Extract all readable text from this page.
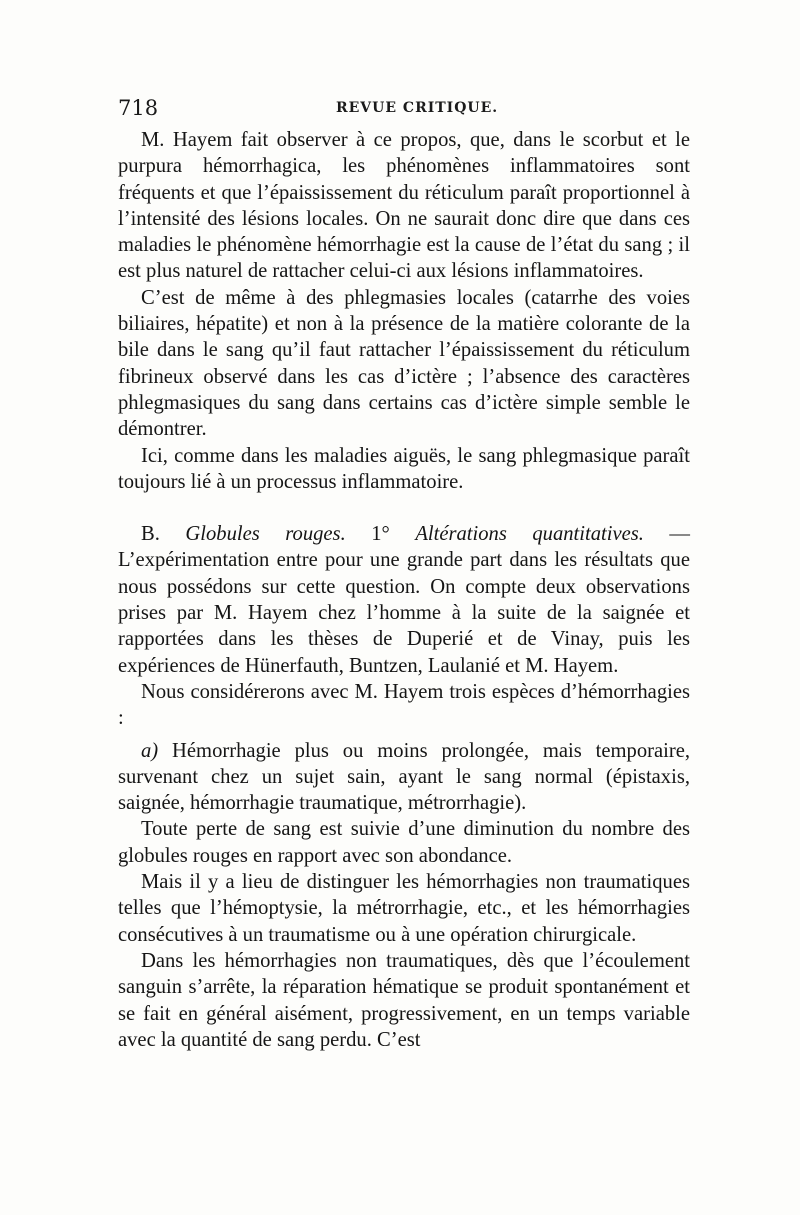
718	REVUE CRITIQUE.

M. Hayem fait observer à ce propos, que, dans le scorbut et le purpura hémorrhagica, les phénomènes inflammatoires sont fréquents et que l’épaississement du réticulum paraît proportionnel à l’intensité des lésions locales. On ne saurait donc dire que dans ces maladies le phénomène hémorrhagie est la cause de l’état du sang ; il est plus naturel de rattacher celui-ci aux lésions inflammatoires.

C’est de même à des phlegmasies locales (catarrhe des voies biliaires, hépatite) et non à la présence de la matière colorante de la bile dans le sang qu’il faut rattacher l’épaississement du réticulum fibrineux observé dans les cas d’ictère ; l’absence des caractères phlegmasiques du sang dans certains cas d’ictère simple semble le démontrer.

Ici, comme dans les maladies aiguës, le sang phlegmasique paraît toujours lié à un processus inflammatoire.

B. Globules rouges. 1° Altérations quantitatives. — L’expérimentation entre pour une grande part dans les résultats que nous possédons sur cette question. On compte deux observations prises par M. Hayem chez l’homme à la suite de la saignée et rapportées dans les thèses de Duperié et de Vinay, puis les expériences de Hünerfauth, Buntzen, Laulanié et M. Hayem.

Nous considérerons avec M. Hayem trois espèces d’hémorrhagies :

a) Hémorrhagie plus ou moins prolongée, mais temporaire, survenant chez un sujet sain, ayant le sang normal (épistaxis, saignée, hémorrhagie traumatique, métrorrhagie).

Toute perte de sang est suivie d’une diminution du nombre des globules rouges en rapport avec son abondance.

Mais il y a lieu de distinguer les hémorrhagies non traumatiques telles que l’hémoptysie, la métrorrhagie, etc., et les hémorrhagies consécutives à un traumatisme ou à une opération chirurgicale.

Dans les hémorrhagies non traumatiques, dès que l’écoulement sanguin s’arrête, la réparation hématique se produit spontanément et se fait en général aisément, progressivement, en un temps variable avec la quantité de sang perdu. C’est
